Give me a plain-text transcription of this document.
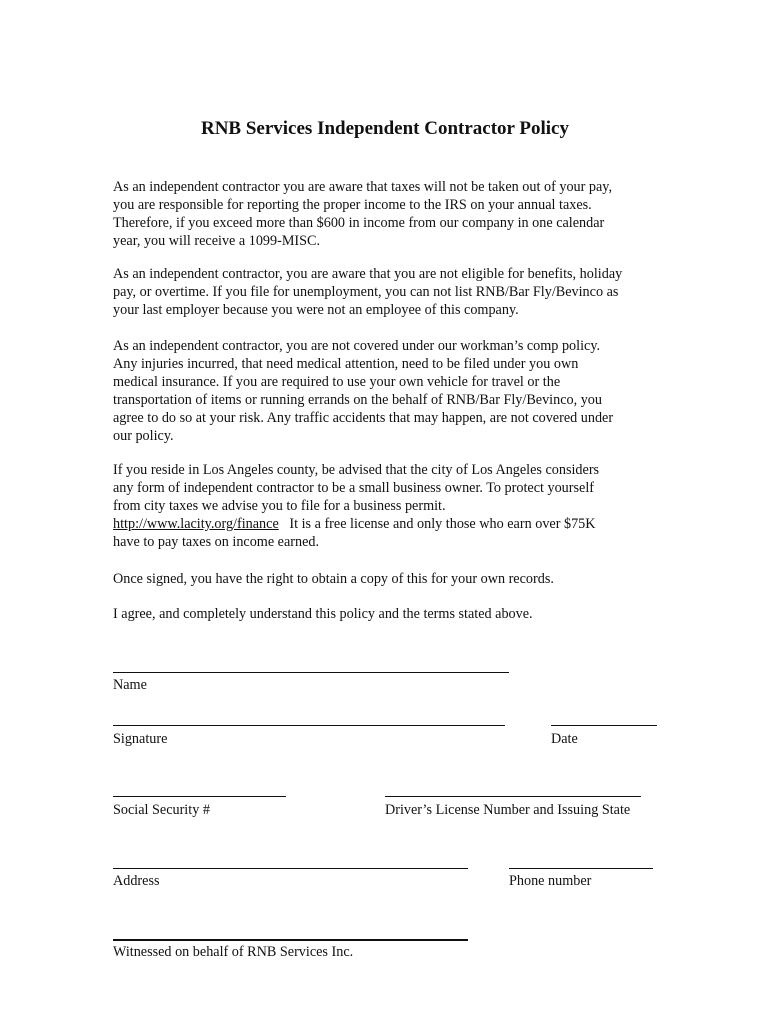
RNB Services Independent Contractor Policy
As an independent contractor you are aware that taxes will not be taken out of your pay,
you are responsible for reporting the proper income to the IRS on your annual taxes.
Therefore, if you exceed more than $600 in income from our company in one calendar
year, you will receive a 1099-MISC.
As an independent contractor, you are aware that you are not eligible for benefits, holiday
pay, or overtime. If you file for unemployment, you can not list RNB/Bar Fly/Bevinco as
your last employer because you were not an employee of this company.
As an independent contractor, you are not covered under our workman’s comp policy.
Any injuries incurred, that need medical attention, need to be filed under you own
medical insurance. If you are required to use your own vehicle for travel or the
transportation of items or running errands on the behalf of RNB/Bar Fly/Bevinco, you
agree to do so at your risk. Any traffic accidents that may happen, are not covered under
our policy.
If you reside in Los Angeles county, be advised that the city of Los Angeles considers
any form of independent contractor to be a small business owner. To protect yourself
from city taxes we advise you to file for a business permit.
http://www.lacity.org/finance   It is a free license and only those who earn over $75K
have to pay taxes on income earned.
Once signed, you have the right to obtain a copy of this for your own records.
I agree, and completely understand this policy and the terms stated above.
Name
Signature	Date
Social Security #	Driver’s License Number and Issuing State
Address	Phone number
Witnessed on behalf of RNB Services Inc.
